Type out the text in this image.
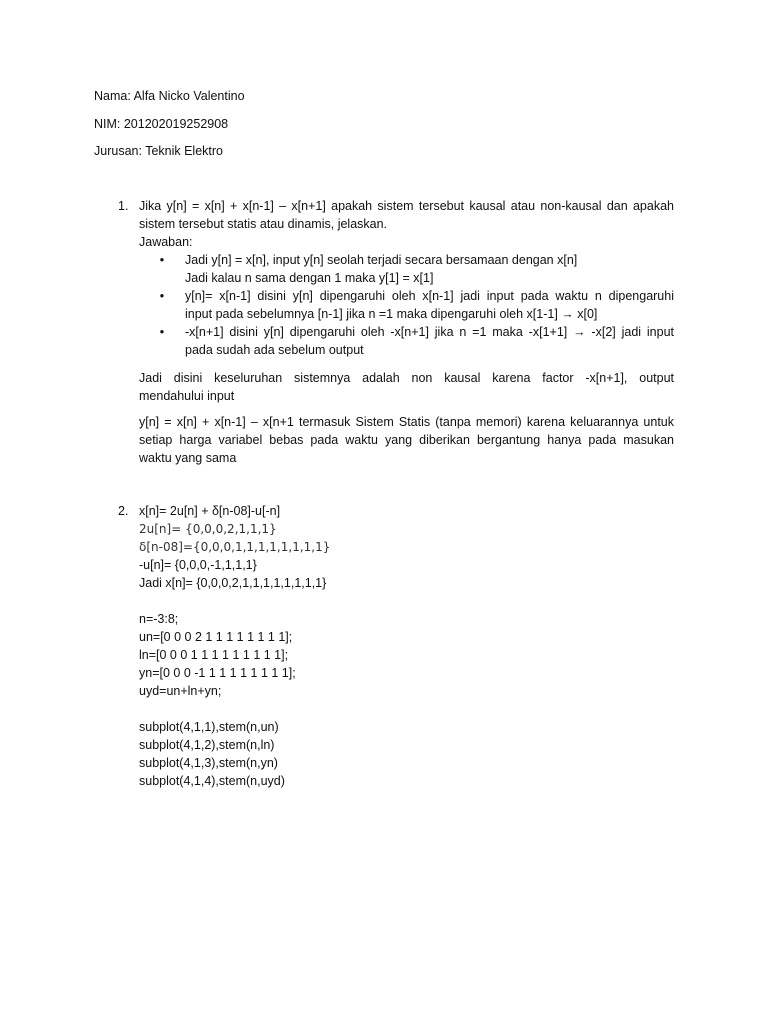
Nama: Alfa Nicko Valentino
NIM: 201202019252908
Jurusan: Teknik Elektro
1. Jika y[n] = x[n] + x[n-1] – x[n+1] apakah sistem tersebut kausal atau non-kausal dan apakah
sistem tersebut statis atau dinamis, jelaskan.
Jawaban:
• Jadi y[n] = x[n], input y[n] seolah terjadi secara bersamaan dengan x[n]
Jadi kalau n sama dengan 1 maka y[1] = x[1]
• y[n]= x[n-1] disini y[n] dipengaruhi oleh x[n-1] jadi input pada waktu n dipengaruhi
input pada sebelumnya [n-1] jika n =1 maka dipengaruhi oleh x[1-1] → x[0]
• -x[n+1] disini y[n] dipengaruhi oleh -x[n+1] jika n =1 maka -x[1+1] → -x[2] jadi input
pada sudah ada sebelum output
Jadi disini keseluruhan sistemnya adalah non kausal karena factor -x[n+1], output
mendahului input
y[n] = x[n] + x[n-1] – x[n+1 termasuk Sistem Statis (tanpa memori) karena keluarannya untuk
setiap harga variabel bebas pada waktu yang diberikan bergantung hanya pada masukan
waktu yang sama
2. x[n]= 2u[n] + δ[n-08]-u[-n]
2u[n]= {0,0,0,2,1,1,1}
δ[n-08]={0,0,0,1,1,1,1,1,1,1,1}
-u[n]= {0,0,0,-1,1,1,1}
Jadi x[n]= {0,0,0,2,1,1,1,1,1,1,1,1}
n=-3:8;
un=[0 0 0 2 1 1 1 1 1 1 1 1];
ln=[0 0 0 1 1 1 1 1 1 1 1 1];
yn=[0 0 0 -1 1 1 1 1 1 1 1 1];
uyd=un+ln+yn;
subplot(4,1,1),stem(n,un)
subplot(4,1,2),stem(n,ln)
subplot(4,1,3),stem(n,yn)
subplot(4,1,4),stem(n,uyd)
